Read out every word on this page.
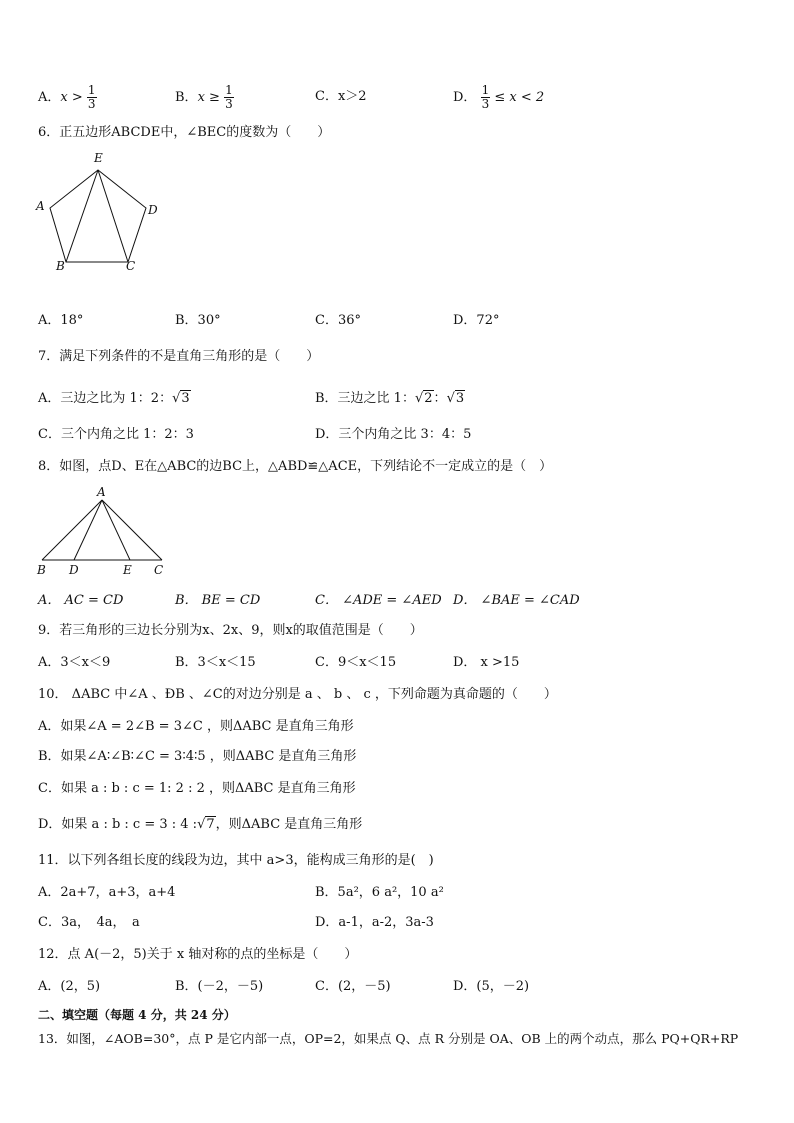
A．$x > \frac{1}{3}$	B．$x \ge \frac{1}{3}$	C．x＞2	D． $\frac{1}{3} \le x < 2$
6．正五边形ABCDE中，∠BEC的度数为（　　）
E
A	D
B	C
A．18°	B．30°	C．36°	D．72°
7．满足下列条件的不是直角三角形的是（　　）
A．三边之比为 1：2：√3	B．三边之比 1：√2：√3
C．三个内角之比 1：2：3	D．三个内角之比 3：4：5
8．如图，点D、E在△ABC的边BC上，△ABD≌△ACE，下列结论不一定成立的是（　）
A
B D	E C
A． AC = CD	B． BE = CD	C． ∠ADE = ∠AED D． ∠BAE = ∠CAD
9．若三角形的三边长分别为x、2x、9，则x的取值范围是（　　）
A．3＜x＜9	B．3＜x＜15	C．9＜x＜15	D． x >15
10． ΔABC 中∠A 、ÐB 、∠C的对边分别是 a 、 b 、 c ，下列命题为真命题的（　　）
A．如果∠A = 2∠B = 3∠C ，则ΔABC 是直角三角形
B．如果∠A∶∠B∶∠C = 3∶4∶5 ，则ΔABC 是直角三角形
C．如果 a : b : c = 1: 2 : 2 ，则ΔABC 是直角三角形
D．如果 a : b : c = 3 : 4 :√7，则ΔABC 是直角三角形
11．以下列各组长度的线段为边，其中 a>3，能构成三角形的是(　)
A．2a+7，a+3，a+4	B．5a²，6 a²，10 a²
C．3a，　4a，　a	D．a-1，a-2，3a-3
12．点 A(－2，5)关于 x 轴对称的点的坐标是（　　）
A．(2，5)	B．(－2，－5)	C．(2，－5)	D．(5，－2)
二、填空题（每题 4 分，共 24 分）
13．如图，∠AOB=30°，点 P 是它内部一点，OP=2，如果点 Q、点 R 分别是 OA、OB 上的两个动点，那么 PQ+QR+RP
